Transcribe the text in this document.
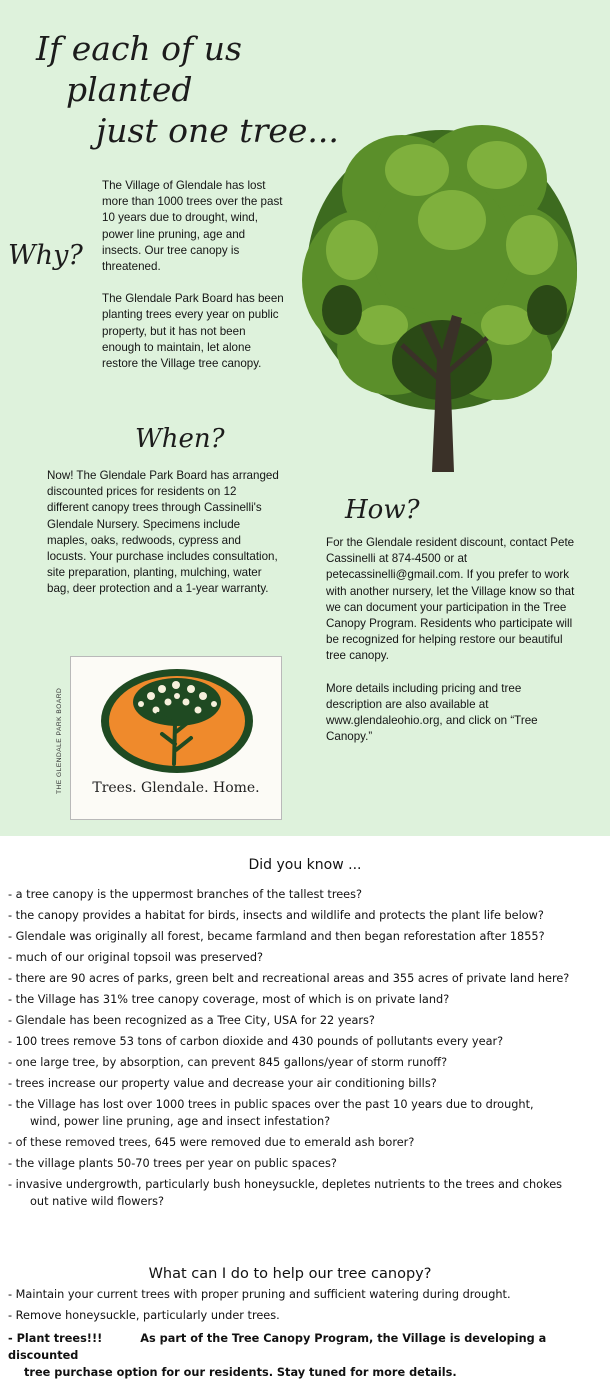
If each of us
planted
just one tree...
Why?

The Village of Glendale has lost more than 1000 trees over the past 10 years due to drought, wind, power line pruning, age and insects. Our tree canopy is threatened.

The Glendale Park Board has been planting trees every year on public property, but it has not been enough to maintain, let alone restore the Village tree canopy.

When?

Now! The Glendale Park Board has arranged discounted prices for residents on 12 different canopy trees through Cassinelli's Glendale Nursery. Specimens include maples, oaks, redwoods, cypress and locusts. Your purchase includes consultation, site preparation, planting, mulching, water bag, deer protection and a 1-year warranty.

How?

For the Glendale resident discount, contact Pete Cassinelli at 874-4500 or at petecassinelli@gmail.com. If you prefer to work with another nursery, let the Village know so that we can document your participation in the Tree Canopy Program. Residents who participate will be recognized for helping restore our beautiful tree canopy.

More details including pricing and tree description are also available at www.glendaleohio.org, and click on “Tree Canopy.”

THE GLENDALE PARK BOARD	Trees. Glendale. Home.
Did you know ...
- a tree canopy is the uppermost branches of the tallest trees?
- the canopy provides a habitat for birds, insects and wildlife and protects the plant life below?
- Glendale was originally all forest, became farmland and then began reforestation after 1855?
- much of our original topsoil was preserved?
- there are 90 acres of parks, green belt and recreational areas and 355 acres of private land here?
- the Village has 31% tree canopy coverage, most of which is on private land?
- Glendale has been recognized as a Tree City, USA for 22 years?
- 100 trees remove 53 tons of carbon dioxide and 430 pounds of pollutants every year?
- one large tree, by absorption, can prevent 845 gallons/year of storm runoff?
- trees increase our property value and decrease your air conditioning bills?
- the Village has lost over 1000 trees in public spaces over the past 10 years due to drought,
wind, power line pruning, age and insect infestation?
- of these removed trees, 645 were removed due to emerald ash borer?
- the village plants 50-70 trees per year on public spaces?
- invasive undergrowth, particularly bush honeysuckle, depletes nutrients to the trees and chokes
out native wild flowers?
What can I do to help our tree canopy?
- Maintain your current trees with proper pruning and sufficient watering during drought.
- Remove honeysuckle, particularly under trees.
- Plant trees!!!	As part of the Tree Canopy Program, the Village is developing a discounted
tree purchase option for our residents. Stay tuned for more details.
